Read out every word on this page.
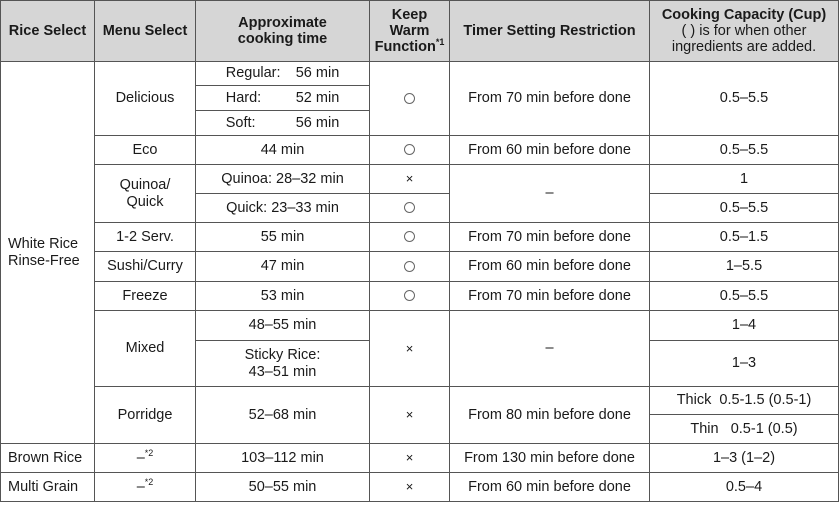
Rice Select	Menu Select	Approximate
cooking time	Keep
Warm
Function$^{*1}$	Timer Setting Restriction	Cooking Capacity (Cup)
( ) is for when other
ingredients are added.
White Rice
Rinse-Free	Delicious	Regular: 56 min		From 70 min before done	0.5–5.5
		Hard: 52 min			
		Soft: 56 min			
	Eco	44 min		From 60 min before done	0.5–5.5
	Quinoa/
Quick	Quinoa: 28–32 min	×	–	1
		Quick: 23–33 min			0.5–5.5
	1-2 Serv.	55 min		From 70 min before done	0.5–1.5
	Sushi/Curry	47 min		From 60 min before done	1–5.5
	Freeze	53 min		From 70 min before done	0.5–5.5
	Mixed	48–55 min	×	–	1–4
		Sticky Rice:
43–51 min			1–3
	Porridge	52–68 min	×	From 80 min before done	Thick 0.5-1.5 (0.5-1)
Thin 0.5-1 (0.5)

Brown Rice	–$^{*2}$	103–112 min	×	From 130 min before done	1–3 (1–2)
Multi Grain	–$^{*2}$	50–55 min	×	From 60 min before done	0.5–4
